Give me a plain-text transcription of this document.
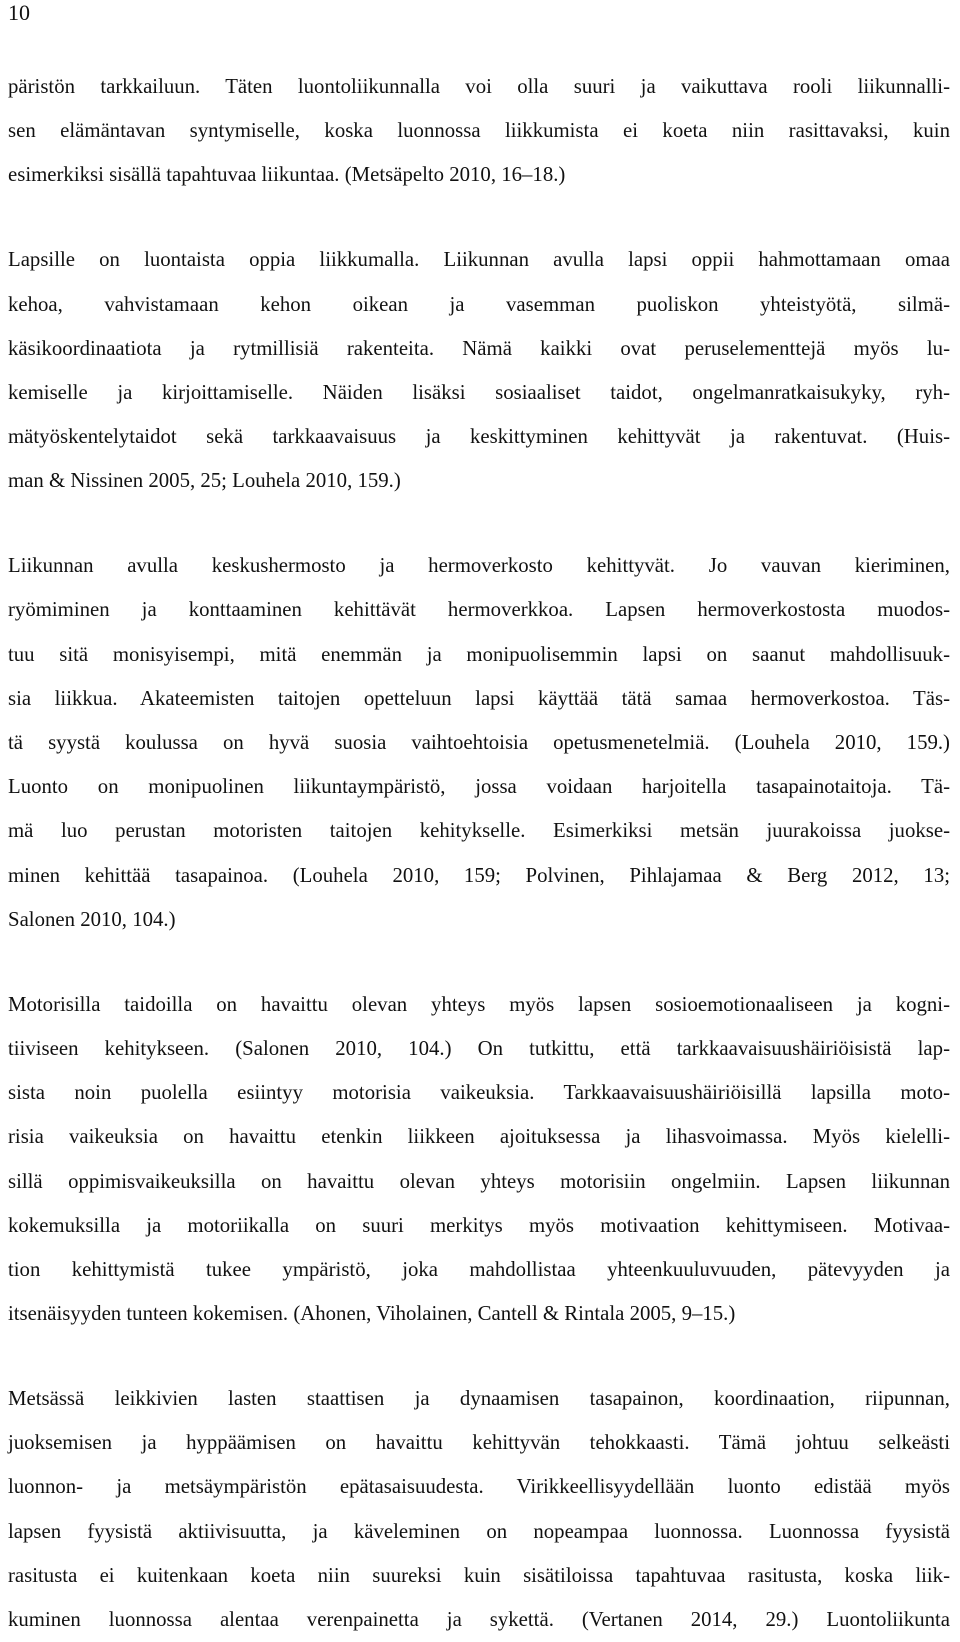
10
päristön tarkkailuun. Täten luontoliikunnalla voi olla suuri ja vaikuttava rooli liikunnalli-
sen elämäntavan syntymiselle, koska luonnossa liikkumista ei koeta niin rasittavaksi, kuin
esimerkiksi sisällä tapahtuvaa liikuntaa. (Metsäpelto 2010, 16–18.)
Lapsille on luontaista oppia liikkumalla. Liikunnan avulla lapsi oppii hahmottamaan omaa
kehoa, vahvistamaan kehon oikean ja vasemman puoliskon yhteistyötä, silmä-
käsikoordinaatiota ja rytmillisiä rakenteita. Nämä kaikki ovat peruselementtejä myös lu-
kemiselle ja kirjoittamiselle. Näiden lisäksi sosiaaliset taidot, ongelmanratkaisukyky, ryh-
mätyöskentelytaidot sekä tarkkaavaisuus ja keskittyminen kehittyvät ja rakentuvat. (Huis-
man & Nissinen 2005, 25; Louhela 2010, 159.)
Liikunnan avulla keskushermosto ja hermoverkosto kehittyvät. Jo vauvan kieriminen,
ryömiminen ja konttaaminen kehittävät hermoverkkoa. Lapsen hermoverkostosta muodos-
tuu sitä monisyisempi, mitä enemmän ja monipuolisemmin lapsi on saanut mahdollisuuk-
sia liikkua. Akateemisten taitojen opetteluun lapsi käyttää tätä samaa hermoverkostoa. Täs-
tä syystä koulussa on hyvä suosia vaihtoehtoisia opetusmenetelmiä. (Louhela 2010, 159.)
Luonto on monipuolinen liikuntaympäristö, jossa voidaan harjoitella tasapainotaitoja. Tä-
mä luo perustan motoristen taitojen kehitykselle. Esimerkiksi metsän juurakoissa juokse-
minen kehittää tasapainoa. (Louhela 2010, 159; Polvinen, Pihlajamaa & Berg 2012, 13;
Salonen 2010, 104.)
Motorisilla taidoilla on havaittu olevan yhteys myös lapsen sosioemotionaaliseen ja kogni-
tiiviseen kehitykseen. (Salonen 2010, 104.) On tutkittu, että tarkkaavaisuushäiriöisistä lap-
sista noin puolella esiintyy motorisia vaikeuksia. Tarkkaavaisuushäiriöisillä lapsilla moto-
risia vaikeuksia on havaittu etenkin liikkeen ajoituksessa ja lihasvoimassa. Myös kielelli-
sillä oppimisvaikeuksilla on havaittu olevan yhteys motorisiin ongelmiin. Lapsen liikunnan
kokemuksilla ja motoriikalla on suuri merkitys myös motivaation kehittymiseen. Motivaa-
tion kehittymistä tukee ympäristö, joka mahdollistaa yhteenkuuluvuuden, pätevyyden ja
itsenäisyyden tunteen kokemisen. (Ahonen, Viholainen, Cantell & Rintala 2005, 9–15.)
Metsässä leikkivien lasten staattisen ja dynaamisen tasapainon, koordinaation, riipunnan,
juoksemisen ja hyppäämisen on havaittu kehittyvän tehokkaasti. Tämä johtuu selkeästi
luonnon- ja metsäympäristön epätasaisuudesta. Virikkeellisyydellään luonto edistää myös
lapsen fyysistä aktiivisuutta, ja käveleminen on nopeampaa luonnossa. Luonnossa fyysistä
rasitusta ei kuitenkaan koeta niin suureksi kuin sisätiloissa tapahtuvaa rasitusta, koska liik-
kuminen luonnossa alentaa verenpainetta ja sykettä. (Vertanen 2014, 29.) Luontoliikunta
